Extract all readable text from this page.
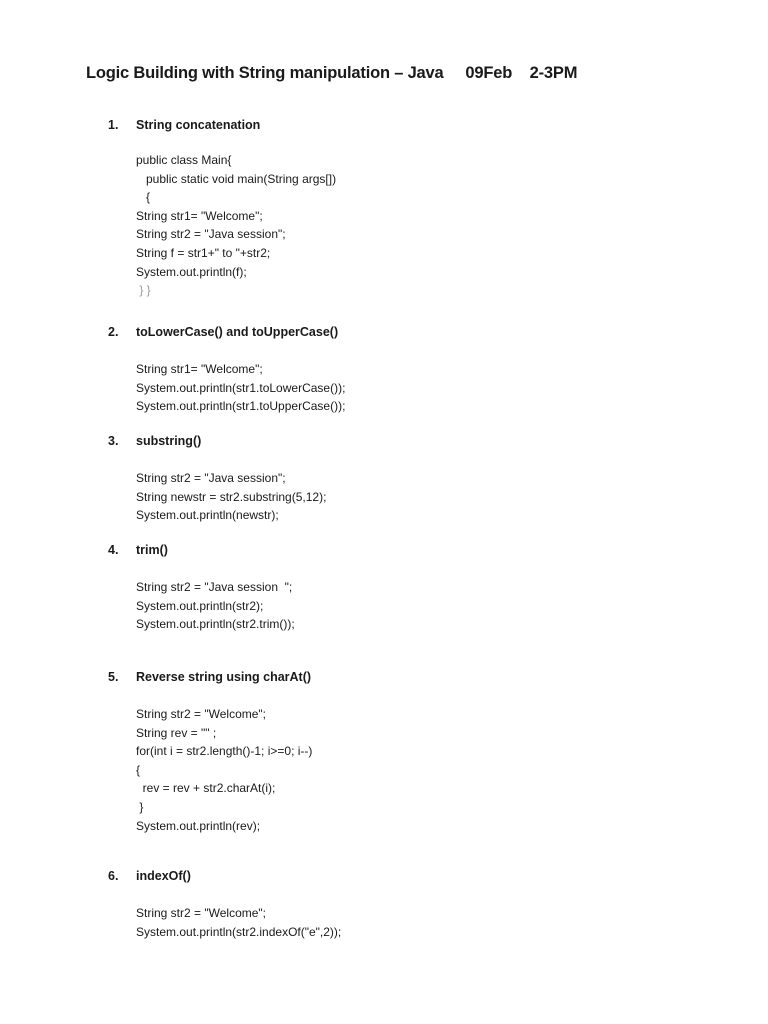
Logic Building with String manipulation – Java     09Feb    2-3PM
1. String concatenation
public class Main{
public static void main(String args[])
{
String str1= "Welcome";
String str2 = "Java session";
String f = str1+" to "+str2;
System.out.println(f);
} }
2. toLowerCase() and toUpperCase()
String str1= "Welcome";
System.out.println(str1.toLowerCase());
System.out.println(str1.toUpperCase());
3. substring()
String str2 = "Java session";
String newstr = str2.substring(5,12);
System.out.println(newstr);
4. trim()
String str2 = "Java session  ";
System.out.println(str2);
System.out.println(str2.trim());
5. Reverse string using charAt()
String str2 = "Welcome";
String rev = "" ;
for(int i = str2.length()-1; i>=0; i--)
{
rev = rev + str2.charAt(i);
}
System.out.println(rev);
6. indexOf()
String str2 = "Welcome";
System.out.println(str2.indexOf("e",2));
